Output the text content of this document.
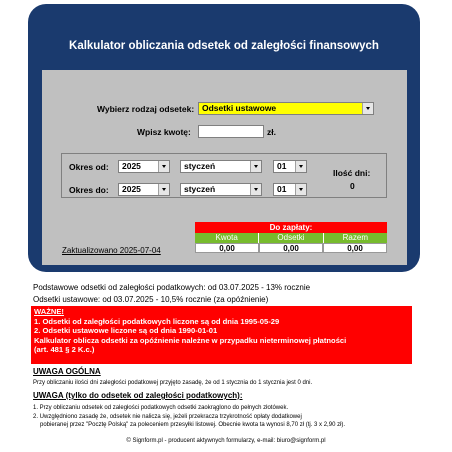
Kalkulator obliczania odsetek od zaległości finansowych
Wybierz rodzaj odsetek: Odsetki ustawowe
Wpisz kwotę:	zł.
Okres od:	2025	styczeń	01
Okres do:	2025	styczeń	01
Ilość dni:
0
Do zapłaty:
Kwota	Odsetki	Razem
0,00	0,00	0,00
Zaktualizowano 2025-07-04
Podstawowe odsetki od zaległości podatkowych: od 03.07.2025 - 13% rocznie
Odsetki ustawowe: od 03.07.2025 - 10,5% rocznie (za opóźnienie)
WAŻNE!
1. Odsetki od zaległości podatkowych liczone są od dnia 1995-05-29
2. Odsetki ustawowe liczone są od dnia 1990-01-01
Kalkulator oblicza odsetki za opóźnienie należne w przypadku nieterminowej płatności
(art. 481 § 2 K.c.)
UWAGA OGÓLNA
Przy obliczaniu ilości dni zaległości podatkowej przyjęto zasadę, że od 1 stycznia do 1 stycznia jest 0 dni.
UWAGA (tylko do odsetek od zaległości podatkowych):
1. Przy obliczaniu odsetek od zaległości podatkowych odsetki zaokrąglono do pełnych złotówek.
2. Uwzględniono zasadę że, odsetek nie nalicza się, jeżeli przekracza trzykrotność opłaty dodatkowej
pobieranej przez "Pocztę Polską" za poleceniem przesyłki listowej. Obecnie kwota ta wynosi 8,70 zł (tj. 3 x 2,90 zł).
© Signform.pl - producent aktywnych formularzy, e-mail: biuro@signform.pl
